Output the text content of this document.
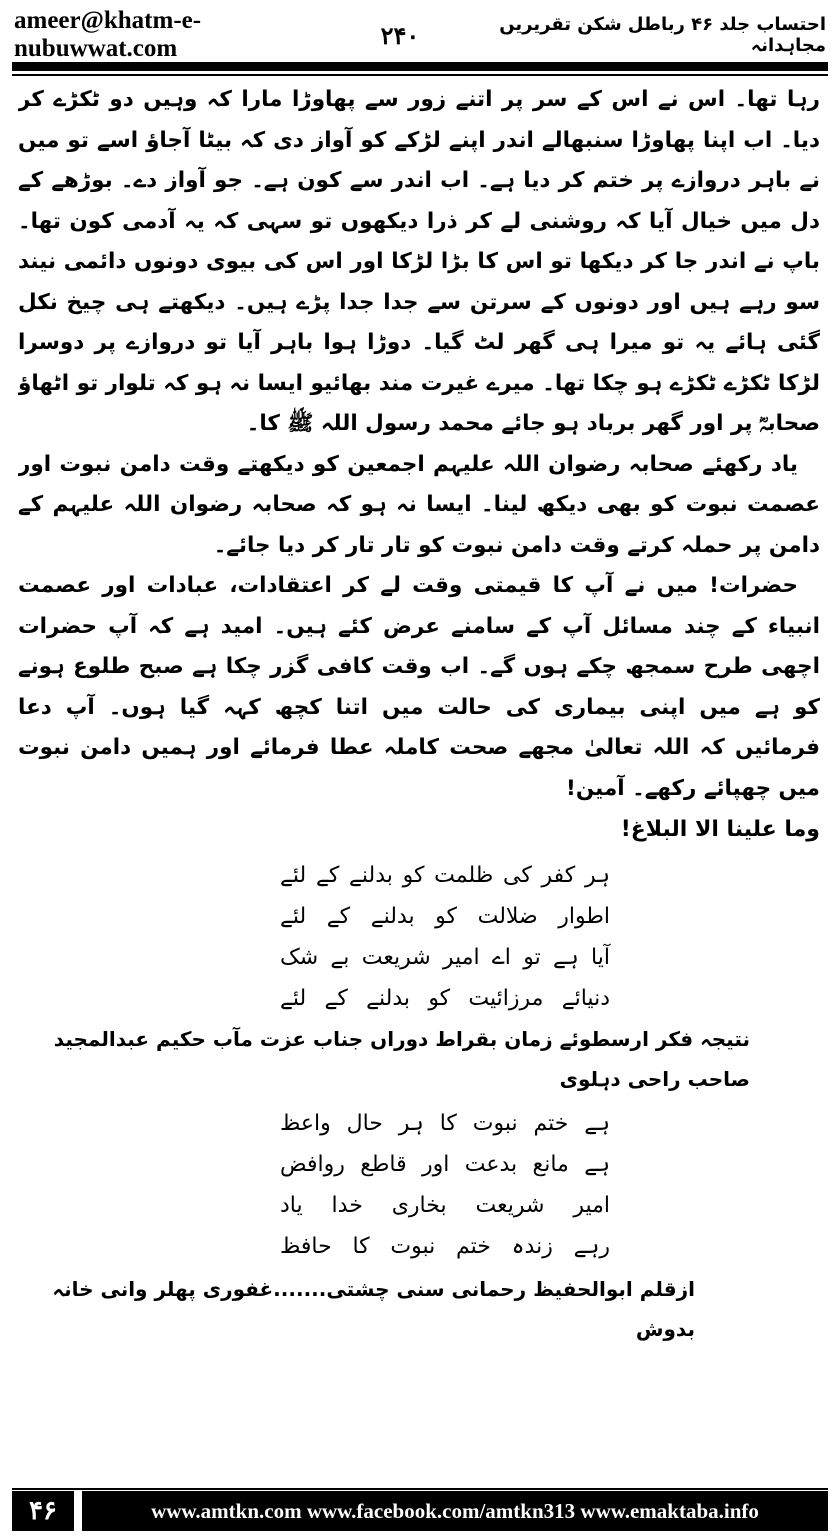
ameer@khatm-e-nubuwwat.com	۲۴۰	احتساب جلد ۴۶ رباطل شکن تقریریں مجاہدانہ

رہا تھا۔ اس نے اس کے سر پر اتنے زور سے پھاوڑا مارا کہ وہیں دو ٹکڑے کر دیا۔ اب اپنا پھاوڑا سنبھالے اندر اپنے لڑکے کو آواز دی کہ بیٹا آجاؤ اسے تو میں نے باہر دروازے پر ختم کر دیا ہے۔ اب اندر سے کون ہے۔ جو آواز دے۔ بوڑھے کے دل میں خیال آیا کہ روشنی لے کر ذرا دیکھوں تو سہی کہ یہ آدمی کون تھا۔ باپ نے اندر جا کر دیکھا تو اس کا بڑا لڑکا اور اس کی بیوی دونوں دائمی نیند سو رہے ہیں اور دونوں کے سرتن سے جدا جدا پڑے ہیں۔ دیکھتے ہی چیخ نکل گئی ہائے یہ تو میرا ہی گھر لٹ گیا۔ دوڑا ہوا باہر آیا تو دروازے پر دوسرا لڑکا ٹکڑے ٹکڑے ہو چکا تھا۔ میرے غیرت مند بھائیو ایسا نہ ہو کہ تلوار تو اٹھاؤ صحابہؓ پر اور گھر برباد ہو جائے محمد رسول اللہ ﷺ کا۔

یاد رکھئے صحابہ رضوان اللہ علیہم اجمعین کو دیکھتے وقت دامن نبوت اور عصمت نبوت کو بھی دیکھ لینا۔ ایسا نہ ہو کہ صحابہ رضوان اللہ علیہم کے دامن پر حملہ کرتے وقت دامن نبوت کو تار تار کر دیا جائے۔

حضرات! میں نے آپ کا قیمتی وقت لے کر اعتقادات، عبادات اور عصمت انبیاء کے چند مسائل آپ کے سامنے عرض کئے ہیں۔ امید ہے کہ آپ حضرات اچھی طرح سمجھ چکے ہوں گے۔ اب وقت کافی گزر چکا ہے صبح طلوع ہونے کو ہے میں اپنی بیماری کی حالت میں اتنا کچھ کہہ گیا ہوں۔ آپ دعا فرمائیں کہ اللہ تعالیٰ مجھے صحت کاملہ عطا فرمائے اور ہمیں دامن نبوت میں چھپائے رکھے۔ آمین!

وما علینا الا البلاغ!

ہر کفر کی ظلمت کو بدلنے کے لئے
اطوار ضلالت کو بدلنے کے لئے
آیا ہے تو اے امیر شریعت بے شک
دنیائے مرزائیت کو بدلنے کے لئے

نتیجہ فکر ارسطوئے زمان بقراط دوراں جناب عزت مآب حکیم عبدالمجید صاحب راحی دہلوی

ہے ختم نبوت کا ہر حال واعظ
ہے مانع بدعت اور قاطع روافض
امیر شریعت بخاری خدا یاد
رہے زندہ ختم نبوت کا حافظ

ازقلم ابوالحفیظ رحمانی سنی چشتی.......غفوری پھلر وانی خانہ بدوش

۴۶	www.amtkn.com www.facebook.com/amtkn313 www.emaktaba.info
